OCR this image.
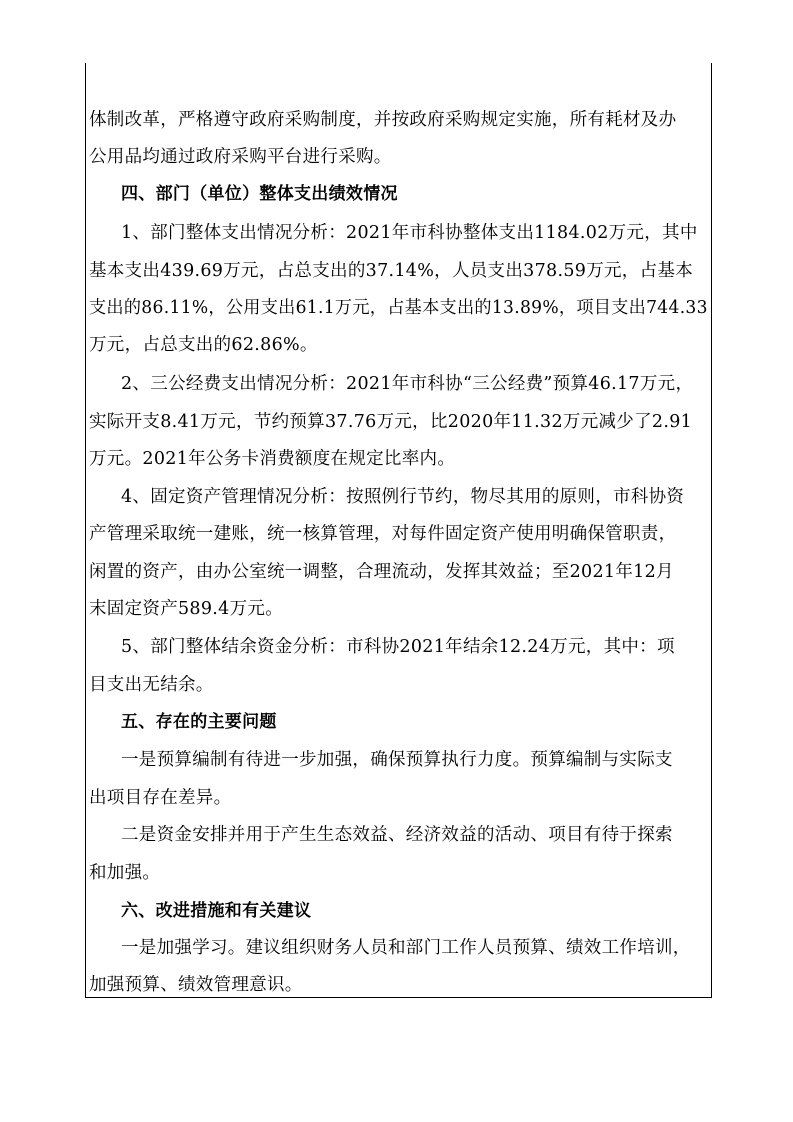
体制改革，严格遵守政府采购制度，并按政府采购规定实施，所有耗材及办
公用品均通过政府采购平台进行采购。
四、部门（单位）整体支出绩效情况
1、部门整体支出情况分析：2021年市科协整体支出1184.02万元，其中
基本支出439.69万元，占总支出的37.14%，人员支出378.59万元，占基本
支出的86.11%，公用支出61.1万元，占基本支出的13.89%，项目支出744.33
万元，占总支出的62.86%。
2、三公经费支出情况分析：2021年市科协“三公经费”预算46.17万元，
实际开支8.41万元，节约预算37.76万元，比2020年11.32万元减少了2.91
万元。2021年公务卡消费额度在规定比率内。
4、固定资产管理情况分析：按照例行节约，物尽其用的原则，市科协资
产管理采取统一建账，统一核算管理，对每件固定资产使用明确保管职责，
闲置的资产，由办公室统一调整，合理流动，发挥其效益；至2021年12月
末固定资产589.4万元。
5、部门整体结余资金分析：市科协2021年结余12.24万元，其中：项
目支出无结余。
五、存在的主要问题
一是预算编制有待进一步加强，确保预算执行力度。预算编制与实际支
出项目存在差异。
二是资金安排并用于产生生态效益、经济效益的活动、项目有待于探索
和加强。
六、改进措施和有关建议
一是加强学习。建议组织财务人员和部门工作人员预算、绩效工作培训，
加强预算、绩效管理意识。
